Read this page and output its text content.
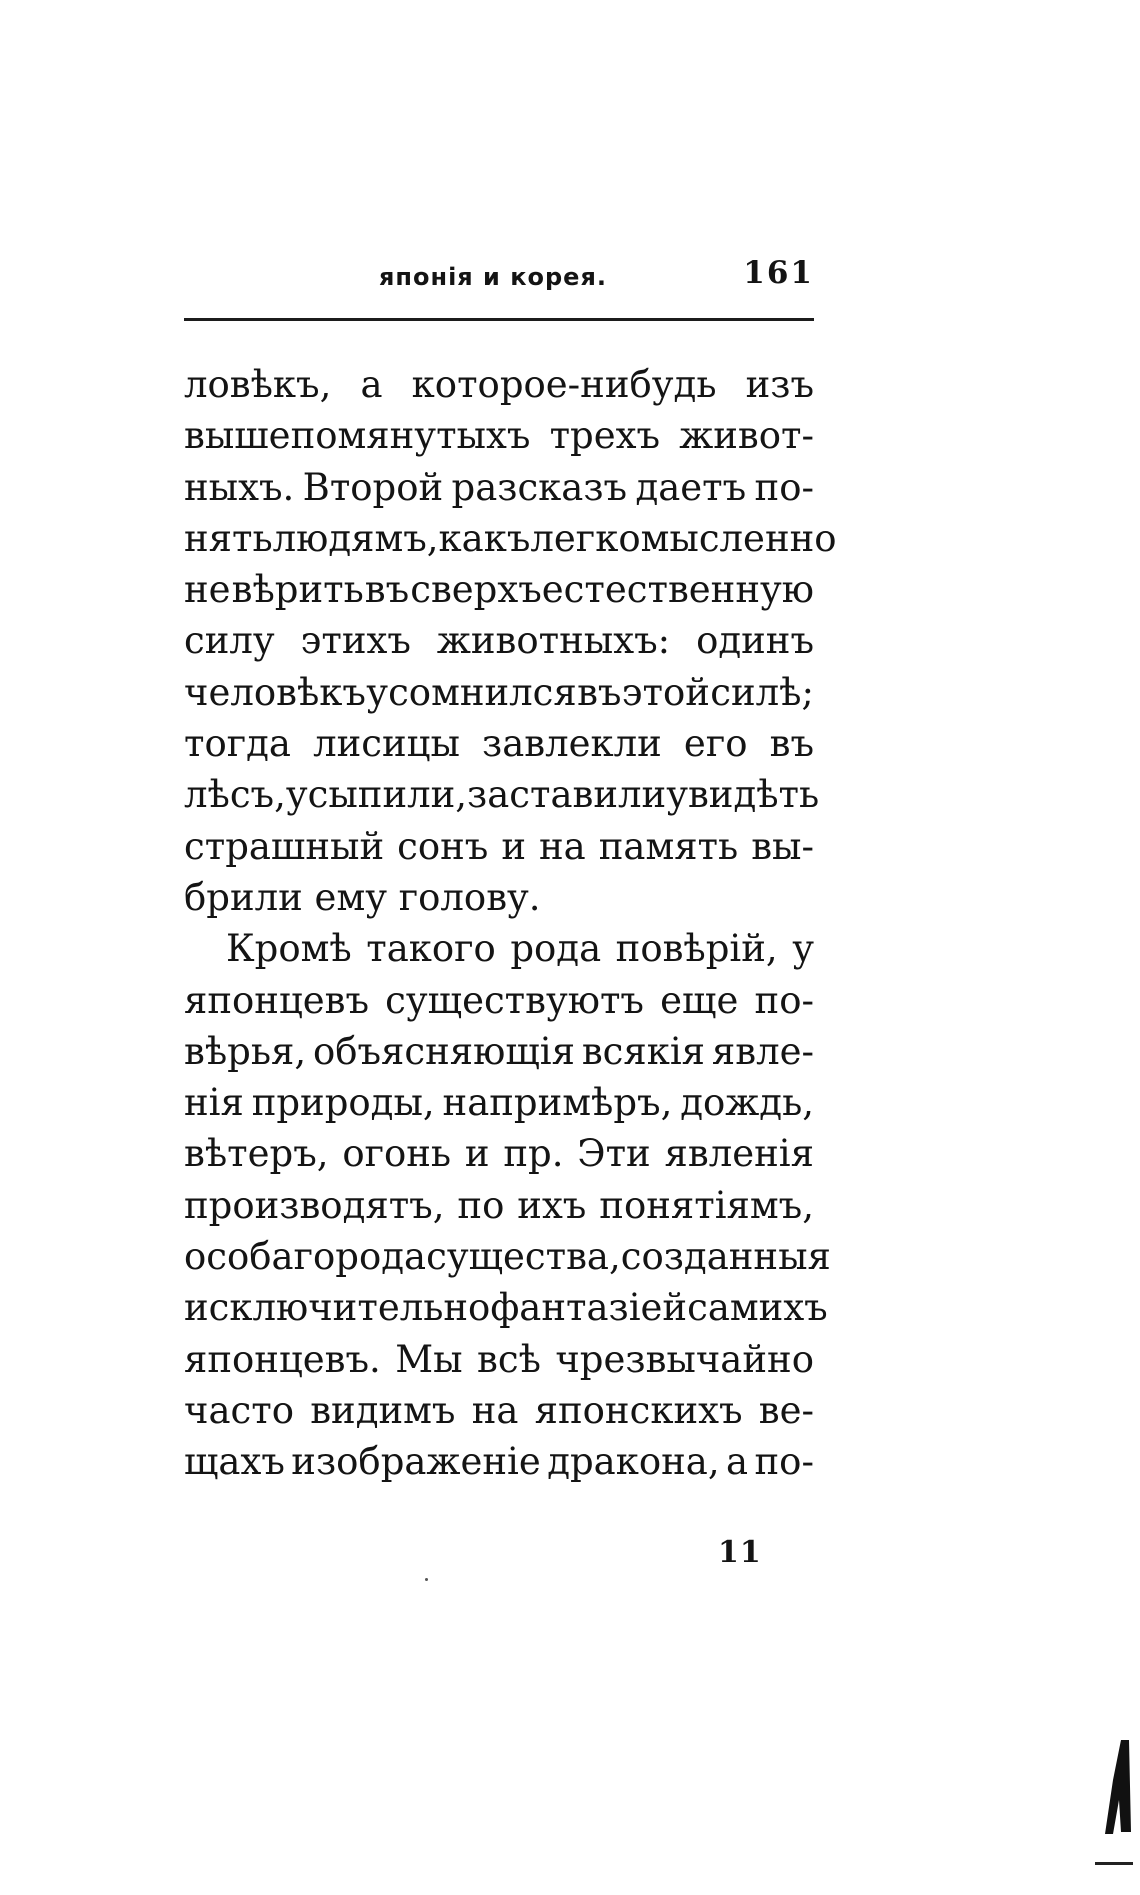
японія и корея.	161
ловѣкъ, а которое-нибудь изъ
вышепомянутыхъ трехъ живот-
ныхъ. Второй разсказъ даетъ по-
нять людямъ, какъ легкомысленно
не вѣрить въ сверхъестественную
силу этихъ животныхъ: одинъ
человѣкъ усомнился въ этой силѣ;
тогда лисицы завлекли его въ
лѣсъ, усыпили, заставили увидѣть
страшный сонъ и на память вы-
брили ему голову.
Кромѣ такого рода повѣрій, у
японцевъ существуютъ еще по-
вѣрья, объясняющія всякія явле-
нія природы, напримѣръ, дождь,
вѣтеръ, огонь и пр. Эти явленія
производятъ, по ихъ понятіямъ,
особаго рода существа, созданныя
исключительно фантазіей самихъ
японцевъ. Мы всѣ чрезвычайно
часто видимъ на японскихъ ве-
щахъ изображеніе дракона, а по-
11
